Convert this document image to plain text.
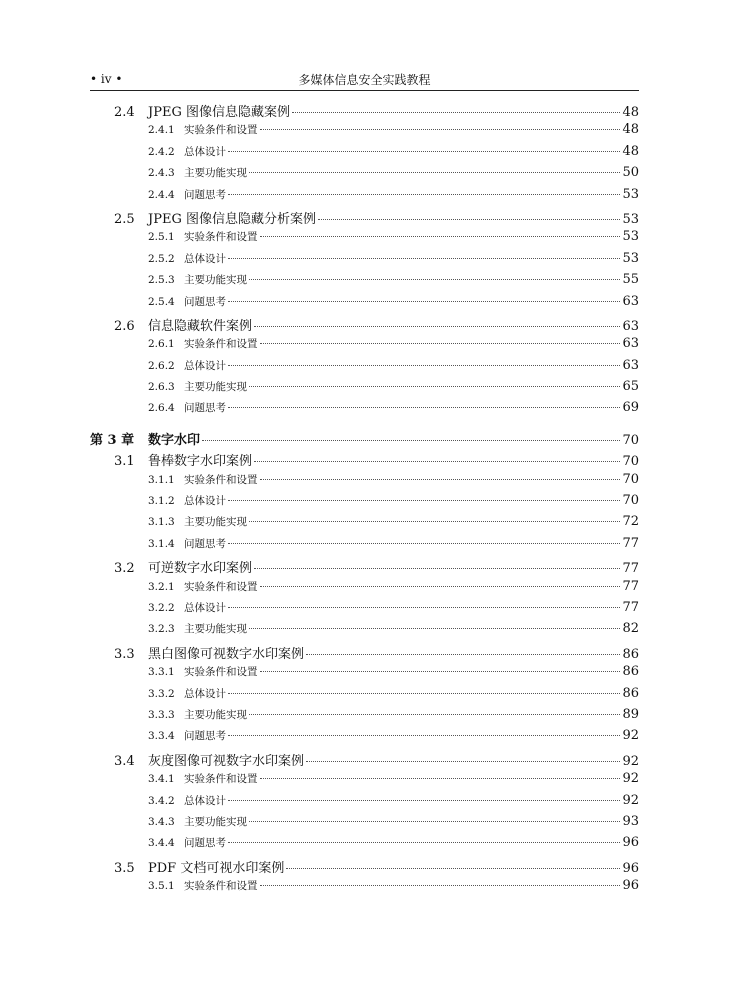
• iv •	多媒体信息安全实践教程
2.4	JPEG 图像信息隐藏案例	48
2.4.1 实验条件和设置	48
2.4.2 总体设计	48
2.4.3 主要功能实现	50
2.4.4 问题思考	53
2.5	JPEG 图像信息隐藏分析案例	53
2.5.1 实验条件和设置	53
2.5.2 总体设计	53
2.5.3 主要功能实现	55
2.5.4 问题思考	63
2.6	信息隐藏软件案例	63
2.6.1 实验条件和设置	63
2.6.2 总体设计	63
2.6.3 主要功能实现	65
2.6.4 问题思考	69
第 3 章	数字水印	70
3.1	鲁棒数字水印案例	70
3.1.1 实验条件和设置	70
3.1.2 总体设计	70
3.1.3 主要功能实现	72
3.1.4 问题思考	77
3.2	可逆数字水印案例	77
3.2.1 实验条件和设置	77
3.2.2 总体设计	77
3.2.3 主要功能实现	82
3.3	黑白图像可视数字水印案例	86
3.3.1 实验条件和设置	86
3.3.2 总体设计	86
3.3.3 主要功能实现	89
3.3.4 问题思考	92
3.4	灰度图像可视数字水印案例	92
3.4.1 实验条件和设置	92
3.4.2 总体设计	92
3.4.3 主要功能实现	93
3.4.4 问题思考	96
3.5	PDF 文档可视水印案例	96
3.5.1 实验条件和设置	96
